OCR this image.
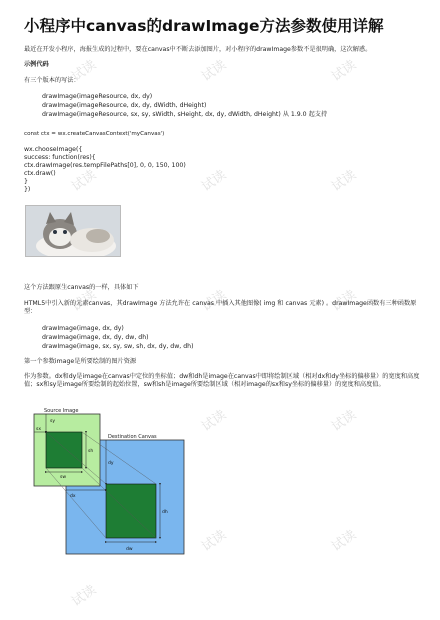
试读	试读	试读
试读	试读	试读
试读	试读	试读
试读	试读
试读	试读
试读
小程序中canvas的drawImage方法参数使用详解
最近在开发小程序，海报生成的过程中，要在canvas中不断去添加图片，对小程序的drawImage参数不是很明确，这次解惑。
示例代码
有三个版本的写法：
drawImage(imageResource, dx, dy)
drawImage(imageResource, dx, dy, dWidth, dHeight)
drawImage(imageResource, sx, sy, sWidth, sHeight, dx, dy, dWidth, dHeight) 从 1.9.0 起支持
const ctx = wx.createCanvasContext('myCanvas')
wx.chooseImage({
success: function(res){
ctx.drawImage(res.tempFilePaths[0], 0, 0, 150, 100)
ctx.draw()
}
})
这个方法跟原生canvas的一样，具体如下
HTML5中引入新的元素canvas，其drawImage 方法允许在 canvas 中插入其他图像( img 和 canvas 元素) 。drawImage函数有三种函数原型：
drawImage(image, dx, dy)
drawImage(image, dx, dy, dw, dh)
drawImage(image, sx, sy, sw, sh, dx, dy, dw, dh)
第一个参数image是所要绘制的图片资源
作为参数。dx和dy是image在canvas中定位的坐标值；dw和dh是image在canvas中即将绘制区域（相对dx和dy坐标的偏移量）的宽度和高度值；sx和sy是image所要绘制的起始位置，sw和sh是image所要绘制区域（相对image的sx和sy坐标的偏移量）的宽度和高度值。
Destination Canvas
Source Image
sx
sy
sw
sh
dx
dy
dw
dh
